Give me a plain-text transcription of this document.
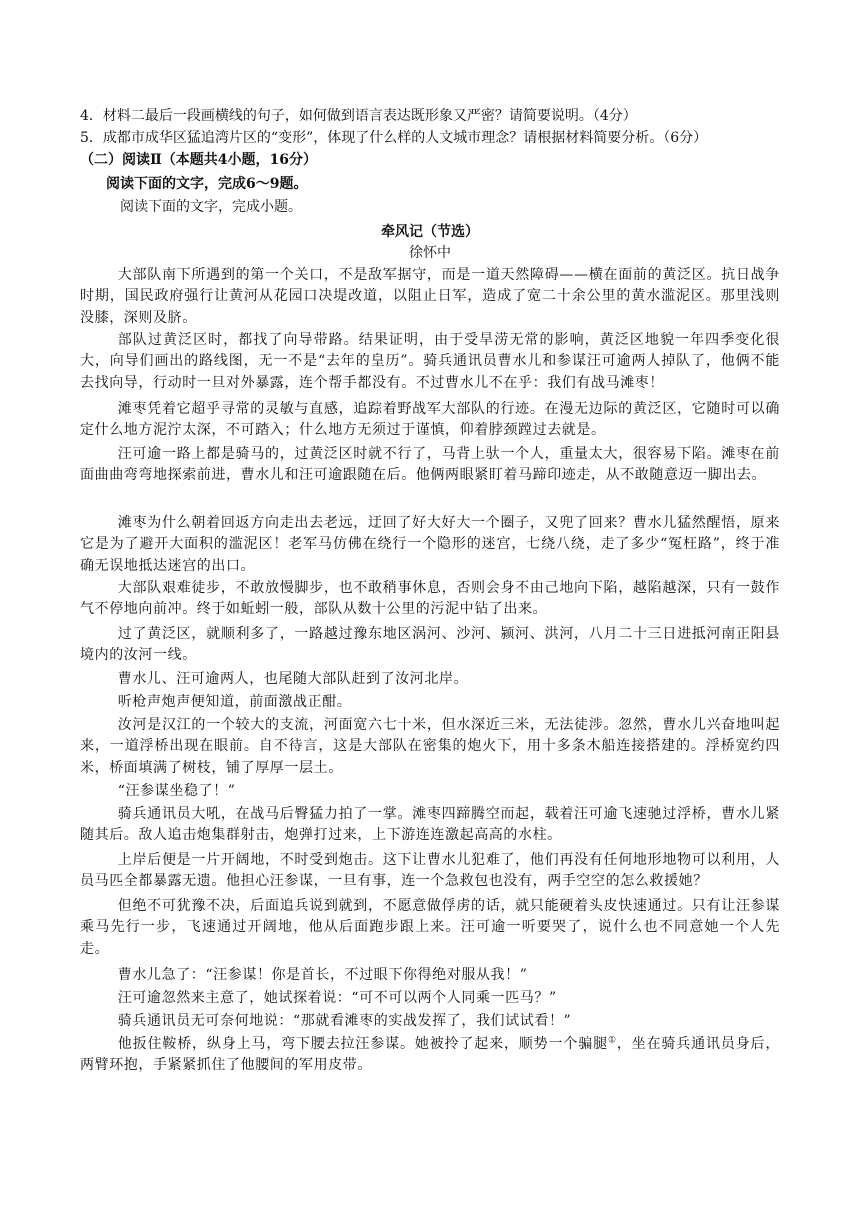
4．材料二最后一段画横线的句子，如何做到语言表达既形象又严密？请简要说明。（4分）
5．成都市成华区猛追湾片区的“变形”，体现了什么样的人文城市理念？请根据材料简要分析。（6分）
（二）阅读Ⅱ（本题共4小题，16分）
阅读下面的文字，完成6～9题。
阅读下面的文字，完成小题。
牵风记（节选）
徐怀中
大部队南下所遇到的第一个关口，不是敌军据守，而是一道天然障碍——横在面前的黄泛区。抗日战争时期，国民政府强行让黄河从花园口决堤改道，以阻止日军，造成了宽二十余公里的黄水滥泥区。那里浅则没膝，深则及脐。
部队过黄泛区时，都找了向导带路。结果证明，由于受旱涝无常的影响，黄泛区地貌一年四季变化很大，向导们画出的路线图，无一不是“去年的皇历”。骑兵通讯员曹水儿和参谋汪可逾两人掉队了，他俩不能去找向导，行动时一旦对外暴露，连个帮手都没有。不过曹水儿不在乎：我们有战马滩枣！
滩枣凭着它超乎寻常的灵敏与直感，追踪着野战军大部队的行迹。在漫无边际的黄泛区，它随时可以确定什么地方泥泞太深，不可踏入；什么地方无须过于谨慎，仰着脖颈蹚过去就是。
汪可逾一路上都是骑马的，过黄泛区时就不行了，马背上驮一个人，重量太大，很容易下陷。滩枣在前面曲曲弯弯地探索前进，曹水儿和汪可逾跟随在后。他俩两眼紧盯着马蹄印迹走，从不敢随意迈一脚出去。
滩枣为什么朝着回返方向走出去老远，迂回了好大好大一个圈子，又兜了回来？曹水儿猛然醒悟，原来它是为了避开大面积的滥泥区！老军马仿佛在绕行一个隐形的迷宫，七绕八绕，走了多少“冤枉路”，终于准确无误地抵达迷宫的出口。
大部队艰难徒步，不敢放慢脚步，也不敢稍事休息，否则会身不由己地向下陷，越陷越深，只有一鼓作气不停地向前冲。终于如蚯蚓一般，部队从数十公里的污泥中钻了出来。
过了黄泛区，就顺利多了，一路越过豫东地区涡河、沙河、颍河、洪河，八月二十三日进抵河南正阳县境内的汝河一线。
曹水儿、汪可逾两人，也尾随大部队赶到了汝河北岸。
听枪声炮声便知道，前面激战正酣。
汝河是汉江的一个较大的支流，河面宽六七十米，但水深近三米，无法徒涉。忽然，曹水儿兴奋地叫起来，一道浮桥出现在眼前。自不待言，这是大部队在密集的炮火下，用十多条木船连接搭建的。浮桥宽约四米，桥面填满了树枝，铺了厚厚一层土。
“汪参谋坐稳了！”
骑兵通讯员大吼，在战马后臀猛力拍了一掌。滩枣四蹄腾空而起，载着汪可逾飞速驰过浮桥，曹水儿紧随其后。敌人追击炮集群射击，炮弹打过来，上下游连连激起高高的水柱。
上岸后便是一片开阔地，不时受到炮击。这下让曹水儿犯难了，他们再没有任何地形地物可以利用，人员马匹全都暴露无遗。他担心汪参谋，一旦有事，连一个急救包也没有，两手空空的怎么救援她？
但绝不可犹豫不决，后面追兵说到就到，不愿意做俘虏的话，就只能硬着头皮快速通过。只有让汪参谋乘马先行一步，飞速通过开阔地，他从后面跑步跟上来。汪可逾一听要哭了，说什么也不同意她一个人先走。
曹水儿急了：“汪参谋！你是首长，不过眼下你得绝对服从我！”
汪可逾忽然来主意了，她试探着说：“可不可以两个人同乘一匹马？”
骑兵通讯员无可奈何地说：“那就看滩枣的实战发挥了，我们试试看！”
他扳住鞍桥，纵身上马，弯下腰去拉汪参谋。她被拎了起来，顺势一个骗腿①，坐在骑兵通讯员身后，两臂环抱，手紧紧抓住了他腰间的军用皮带。
